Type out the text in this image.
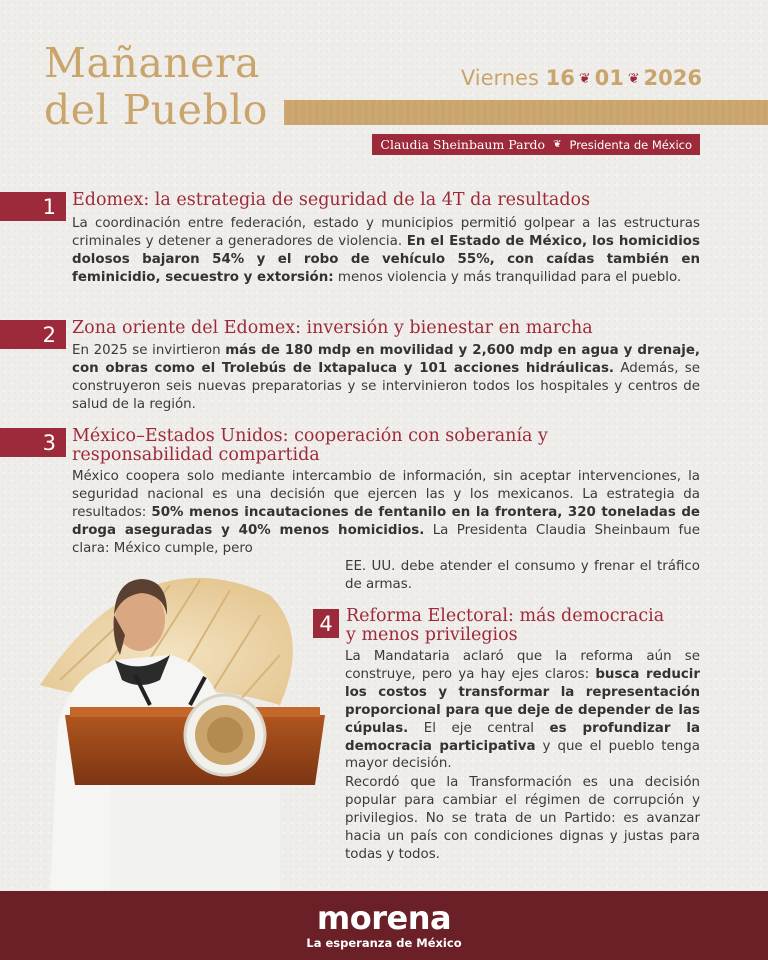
Mañanera
del Pueblo
Viernes 16 ❦ 01 ❦ 2026
Claudia Sheinbaum Pardo ❦ Presidenta de México
1 Edomex: la estrategia de seguridad de la 4T da resultados
La coordinación entre federación, estado y municipios permitió golpear a las estructuras criminales y detener a generadores de violencia. En el Estado de México, los homicidios dolosos bajaron 54% y el robo de vehículo 55%, con caídas también en feminicidio, secuestro y extorsión: menos violencia y más tranquilidad para el pueblo.
2 Zona oriente del Edomex: inversión y bienestar en marcha
En 2025 se invirtieron más de 180 mdp en movilidad y 2,600 mdp en agua y drenaje, con obras como el Trolebús de Ixtapaluca y 101 acciones hidráulicas. Además, se construyeron seis nuevas preparatorias y se intervinieron todos los hospitales y centros de salud de la región.
3 México–Estados Unidos: cooperación con soberanía y
responsabilidad compartida
México coopera solo mediante intercambio de información, sin aceptar intervenciones, la seguridad nacional es una decisión que ejercen las y los mexicanos. La estrategia da resultados: 50% menos incautaciones de fentanilo en la frontera, 320 toneladas de droga aseguradas y 40% menos homicidios. La Presidenta Claudia Sheinbaum fue clara: México cumple, pero
EE. UU. debe atender el consumo y frenar el tráfico de armas.
4 Reforma Electoral: más democracia
y menos privilegios
La Mandataria aclaró que la reforma aún se construye, pero ya hay ejes claros: busca reducir los costos y transformar la representación proporcional para que deje de depender de las cúpulas. El eje central es profundizar la democracia participativa y que el pueblo tenga mayor decisión.
Recordó que la Transformación es una decisión popular para cambiar el régimen de corrupción y privilegios. No se trata de un Partido: es avanzar hacia un país con condiciones dignas y justas para todas y todos.
morena
La esperanza de México
